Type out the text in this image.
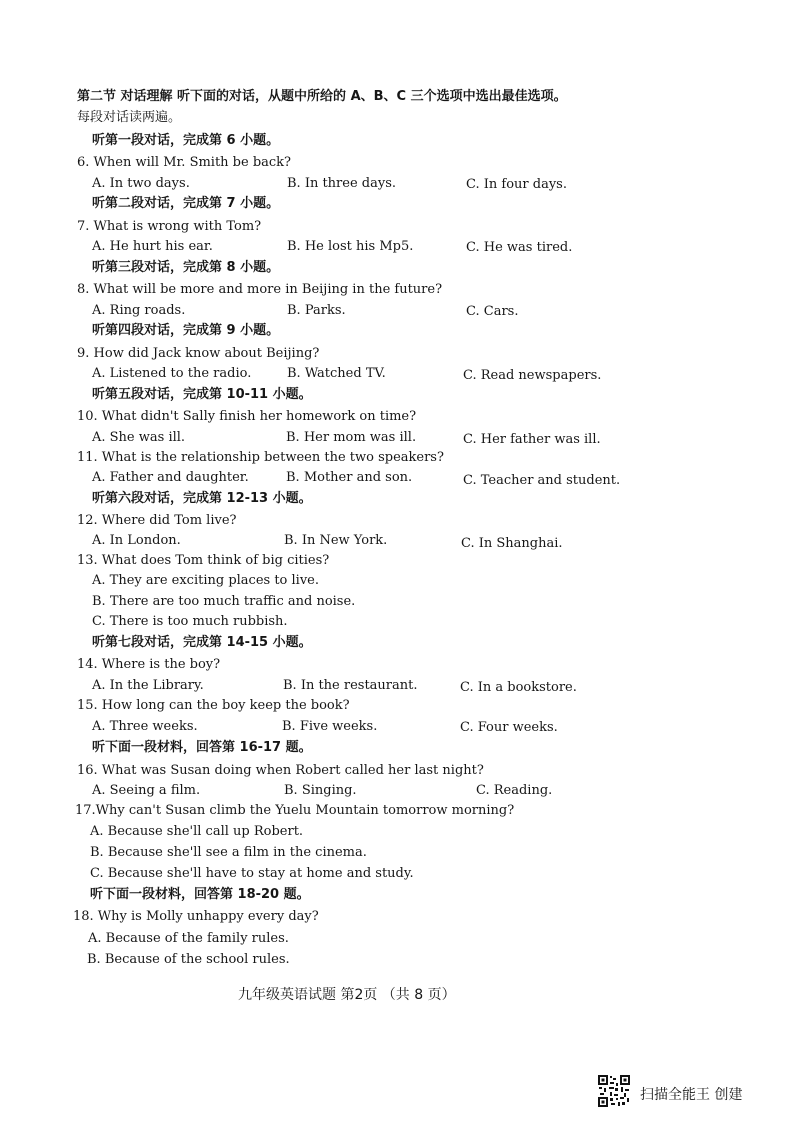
第二节 对话理解 听下面的对话，从题中所给的 A、B、C 三个选项中选出最佳选项。
每段对话读两遍。
听第一段对话，完成第 6 小题。
6. When will Mr. Smith be back?
A. In two days.	B. In three days.	C. In four days.
听第二段对话，完成第 7 小题。
7. What is wrong with Tom?
A. He hurt his ear.	B. He lost his Mp5.	C. He was tired.
听第三段对话，完成第 8 小题。
8. What will be more and more in Beijing in the future?
A. Ring roads.	B. Parks.	C. Cars.
听第四段对话，完成第 9 小题。
9. How did Jack know about Beijing?
A. Listened to the radio.	B. Watched TV.	C. Read newspapers.
听第五段对话，完成第 10-11 小题。
10. What didn't Sally finish her homework on time?
A. She was ill.	B. Her mom was ill.	C. Her father was ill.
11. What is the relationship between the two speakers?
A. Father and daughter.	B. Mother and son.	C. Teacher and student.
听第六段对话，完成第 12-13 小题。
12. Where did Tom live?
A. In London.	B. In New York.	C. In Shanghai.
13. What does Tom think of big cities?
A. They are exciting places to live.
B. There are too much traffic and noise.
C. There is too much rubbish.
听第七段对话，完成第 14-15 小题。
14. Where is the boy?
A. In the Library.	B. In the restaurant.	C. In a bookstore.
15. How long can the boy keep the book?
A. Three weeks.	B. Five weeks.	C. Four weeks.
听下面一段材料，回答第 16-17 题。
16. What was Susan doing when Robert called her last night?
A. Seeing a film.	B. Singing.	C. Reading.
17.Why can't Susan climb the Yuelu Mountain tomorrow morning?
A. Because she'll call up Robert.
B. Because she'll see a film in the cinema.
C. Because she'll have to stay at home and study.
听下面一段材料，回答第 18-20 题。
18. Why is Molly unhappy every day?
A. Because of the family rules.
B. Because of the school rules.
九年级英语试题 第2页 （共 8 页）
扫描全能王 创建
